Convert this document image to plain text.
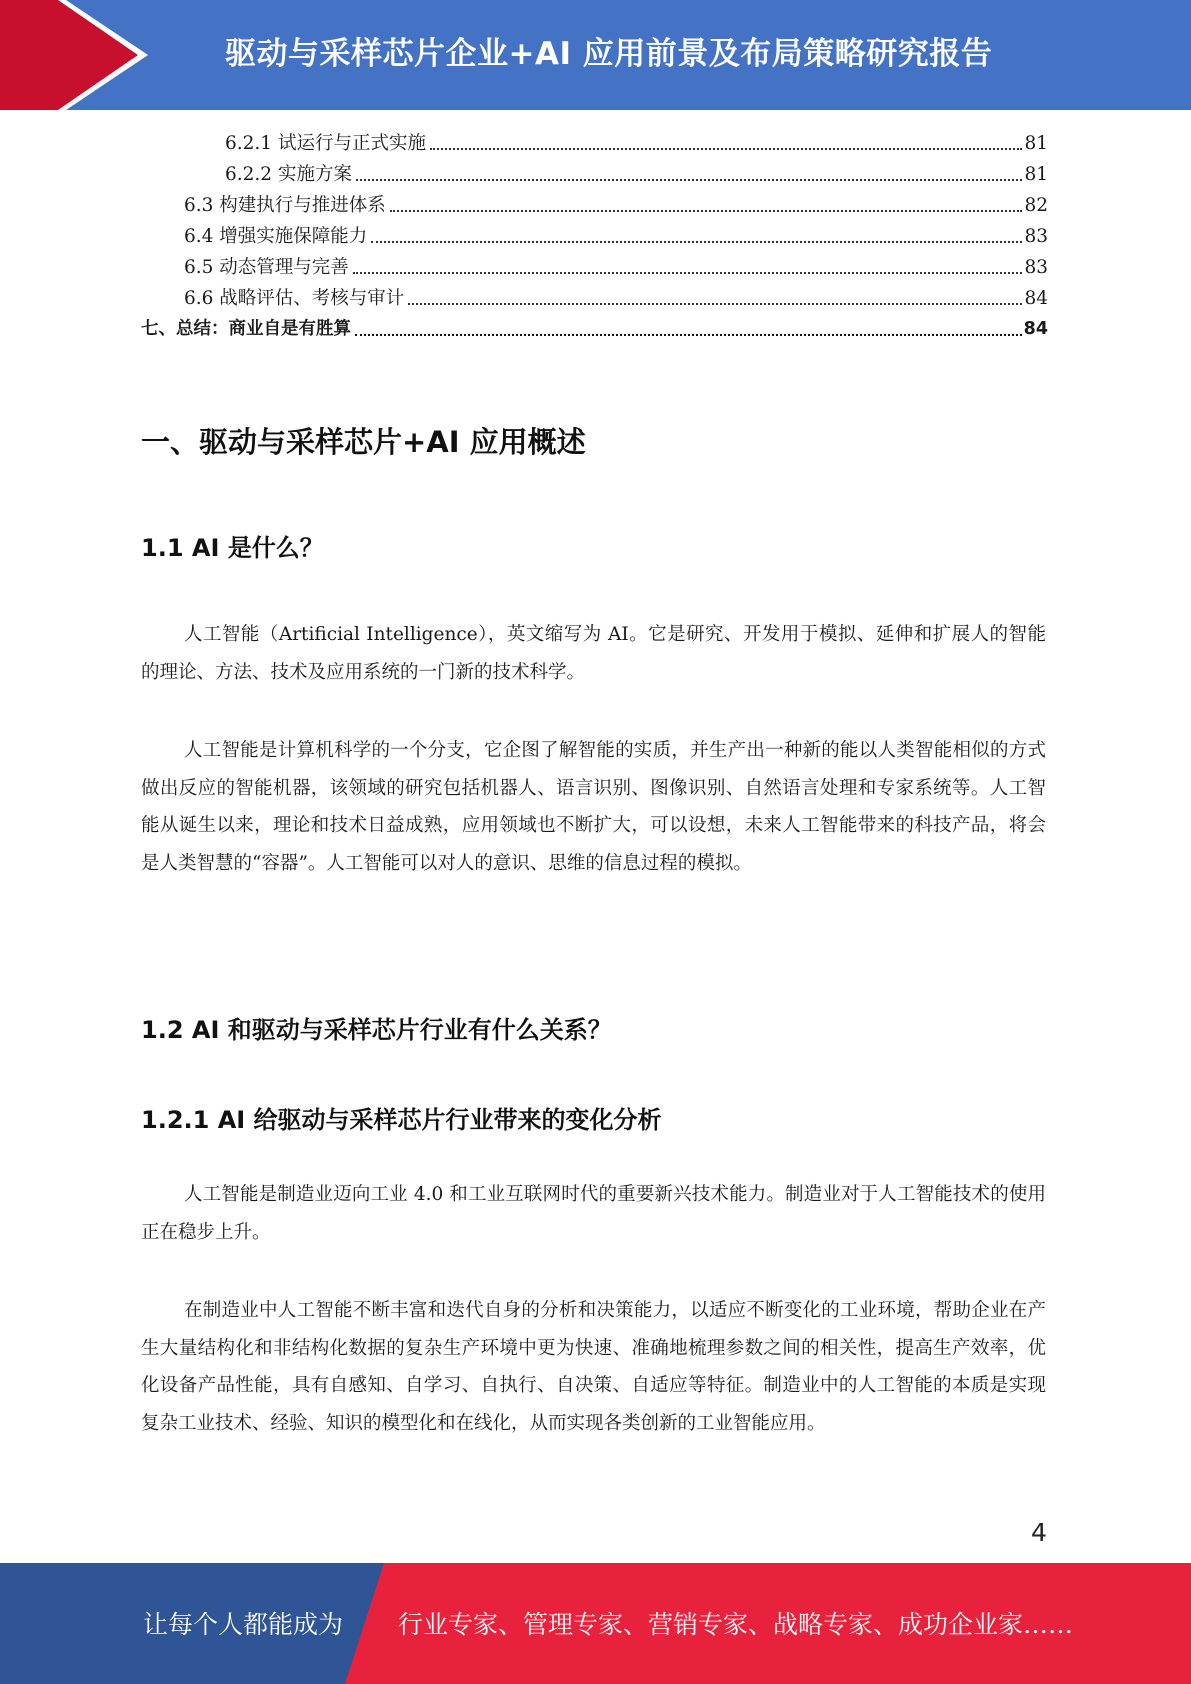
驱动与采样芯片企业+AI 应用前景及布局策略研究报告
6.2.1 试运行与正式实施	81
6.2.2 实施方案	81
6.3 构建执行与推进体系	82
6.4 增强实施保障能力	83
6.5 动态管理与完善	83
6.6 战略评估、考核与审计	84
七、总结：商业自是有胜算	84
一、驱动与采样芯片+AI 应用概述
1.1 AI 是什么？

人工智能（Artificial Intelligence），英文缩写为 AI。它是研究、开发用于模拟、延伸和扩展人的智能的理论、方法、技术及应用系统的一门新的技术科学。

人工智能是计算机科学的一个分支，它企图了解智能的实质，并生产出一种新的能以人类智能相似的方式做出反应的智能机器，该领域的研究包括机器人、语言识别、图像识别、自然语言处理和专家系统等。人工智能从诞生以来，理论和技术日益成熟，应用领域也不断扩大，可以设想，未来人工智能带来的科技产品，将会是人类智慧的“容器”。人工智能可以对人的意识、思维的信息过程的模拟。

1.2 AI 和驱动与采样芯片行业有什么关系？
1.2.1 AI 给驱动与采样芯片行业带来的变化分析

人工智能是制造业迈向工业 4.0 和工业互联网时代的重要新兴技术能力。制造业对于人工智能技术的使用正在稳步上升。

在制造业中人工智能不断丰富和迭代自身的分析和决策能力，以适应不断变化的工业环境，帮助企业在产生大量结构化和非结构化数据的复杂生产环境中更为快速、准确地梳理参数之间的相关性，提高生产效率，优化设备产品性能，具有自感知、自学习、自执行、自决策、自适应等特征。制造业中的人工智能的本质是实现复杂工业技术、经验、知识的模型化和在线化，从而实现各类创新的工业智能应用。

4
让每个人都能成为 行业专家、管理专家、营销专家、战略专家、成功企业家……
